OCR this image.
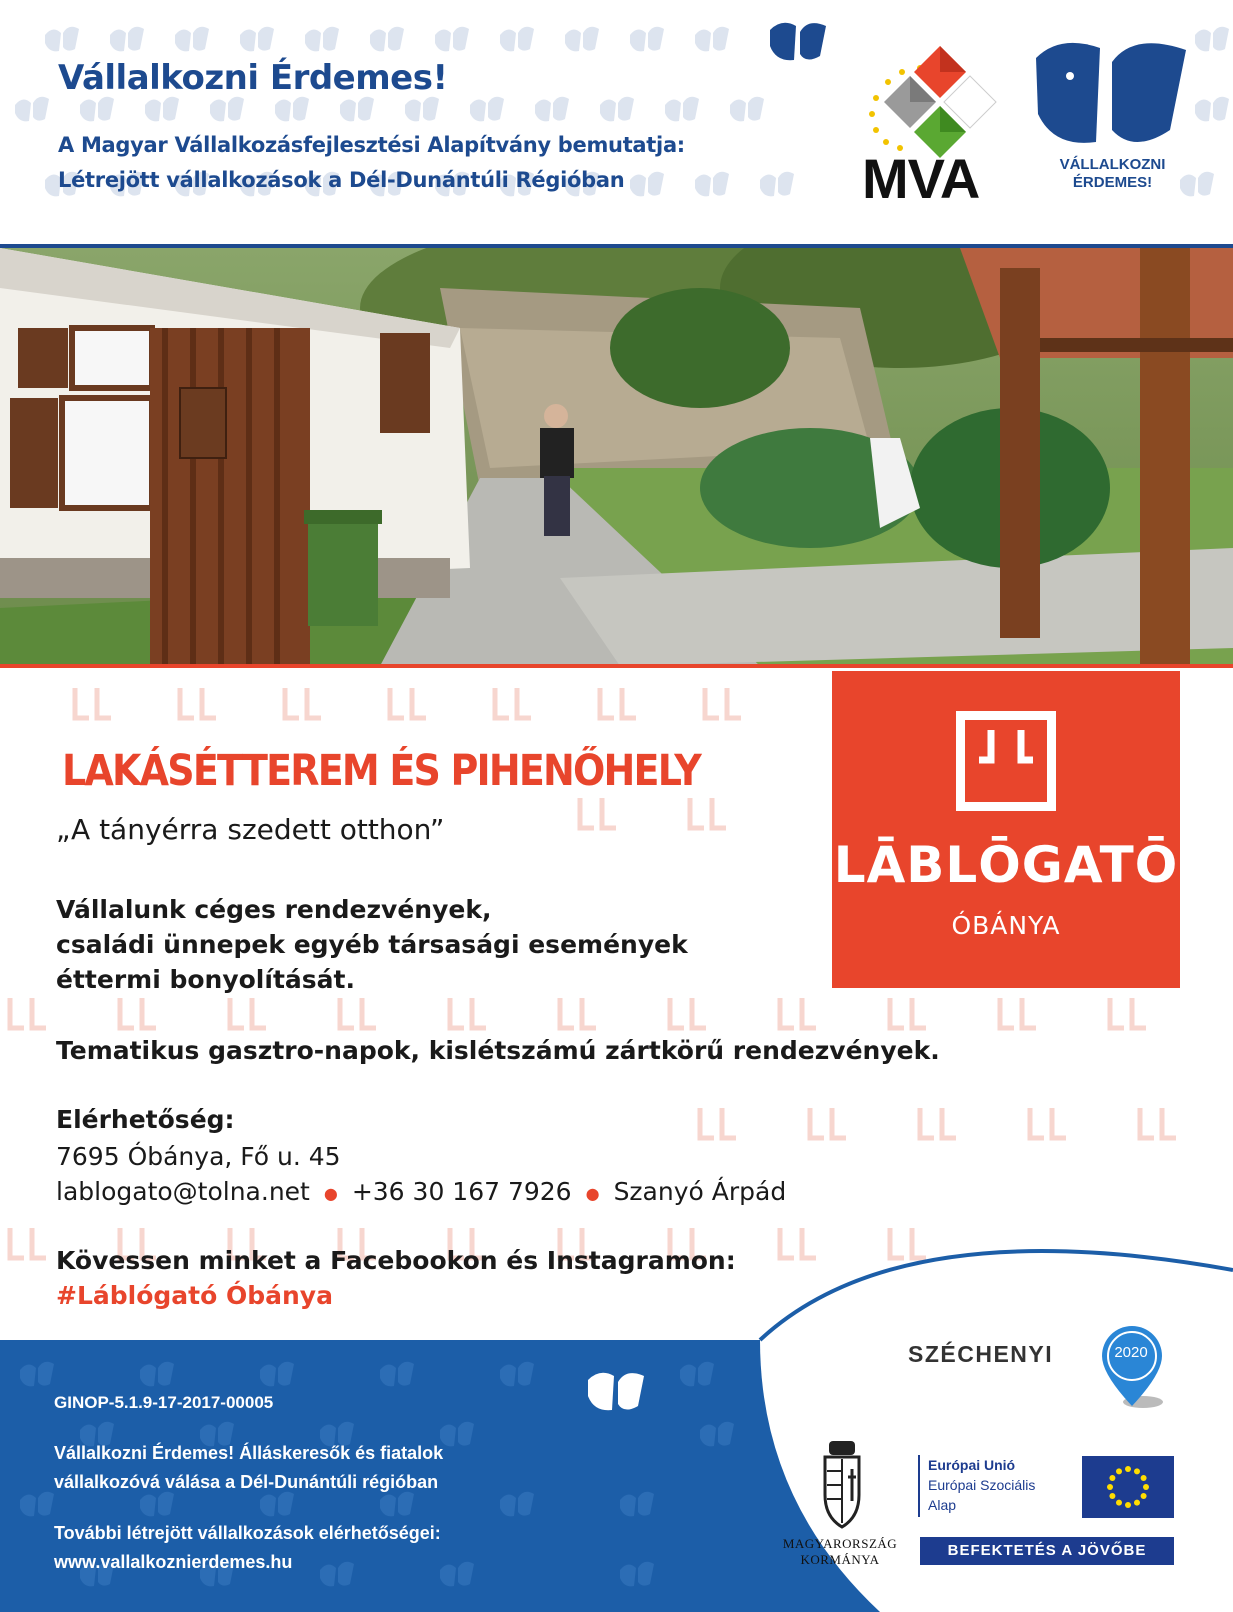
Vállalkozni Érdemes!
A Magyar Vállalkozásfejlesztési Alapítvány bemutatja:
Létrejött vállalkozások a Dél-Dunántúli Régióban	MVA	VÁLLALKOZNI
ÉRDEMES!
LĀBLŌGATŌ
ÓBÁNYA
LAKÁSÉTTEREM ÉS PIHENŐHELY
„A tányérra szedett otthon”
Vállalunk céges rendezvények,
családi ünnepek egyéb társasági események
éttermi bonyolítását.
Tematikus gasztro-napok, kislétszámú zártkörű rendezvények.
Elérhetőség:
7695 Óbánya, Fő u. 45
lablogato@tolna.net ● +36 30 167 7926 ● Szanyó Árpád
Kövessen minket a Facebookon és Instagramon:
#Láblógató Óbánya
GINOP-5.1.9-17-2017-00005
Vállalkozni Érdemes! Álláskeresők és fiatalok
vállalkozóvá válása a Dél-Dunántúli régióban
További létrejött vállalkozások elérhetőségei:
www.vallalkoznierdemes.hu
SZÉCHENYI	2020
MAGYARORSZÁG
KORMÁNYA
Európai Unió
Európai Szociális
Alap
BEFEKTETÉS A JÖVŐBE
